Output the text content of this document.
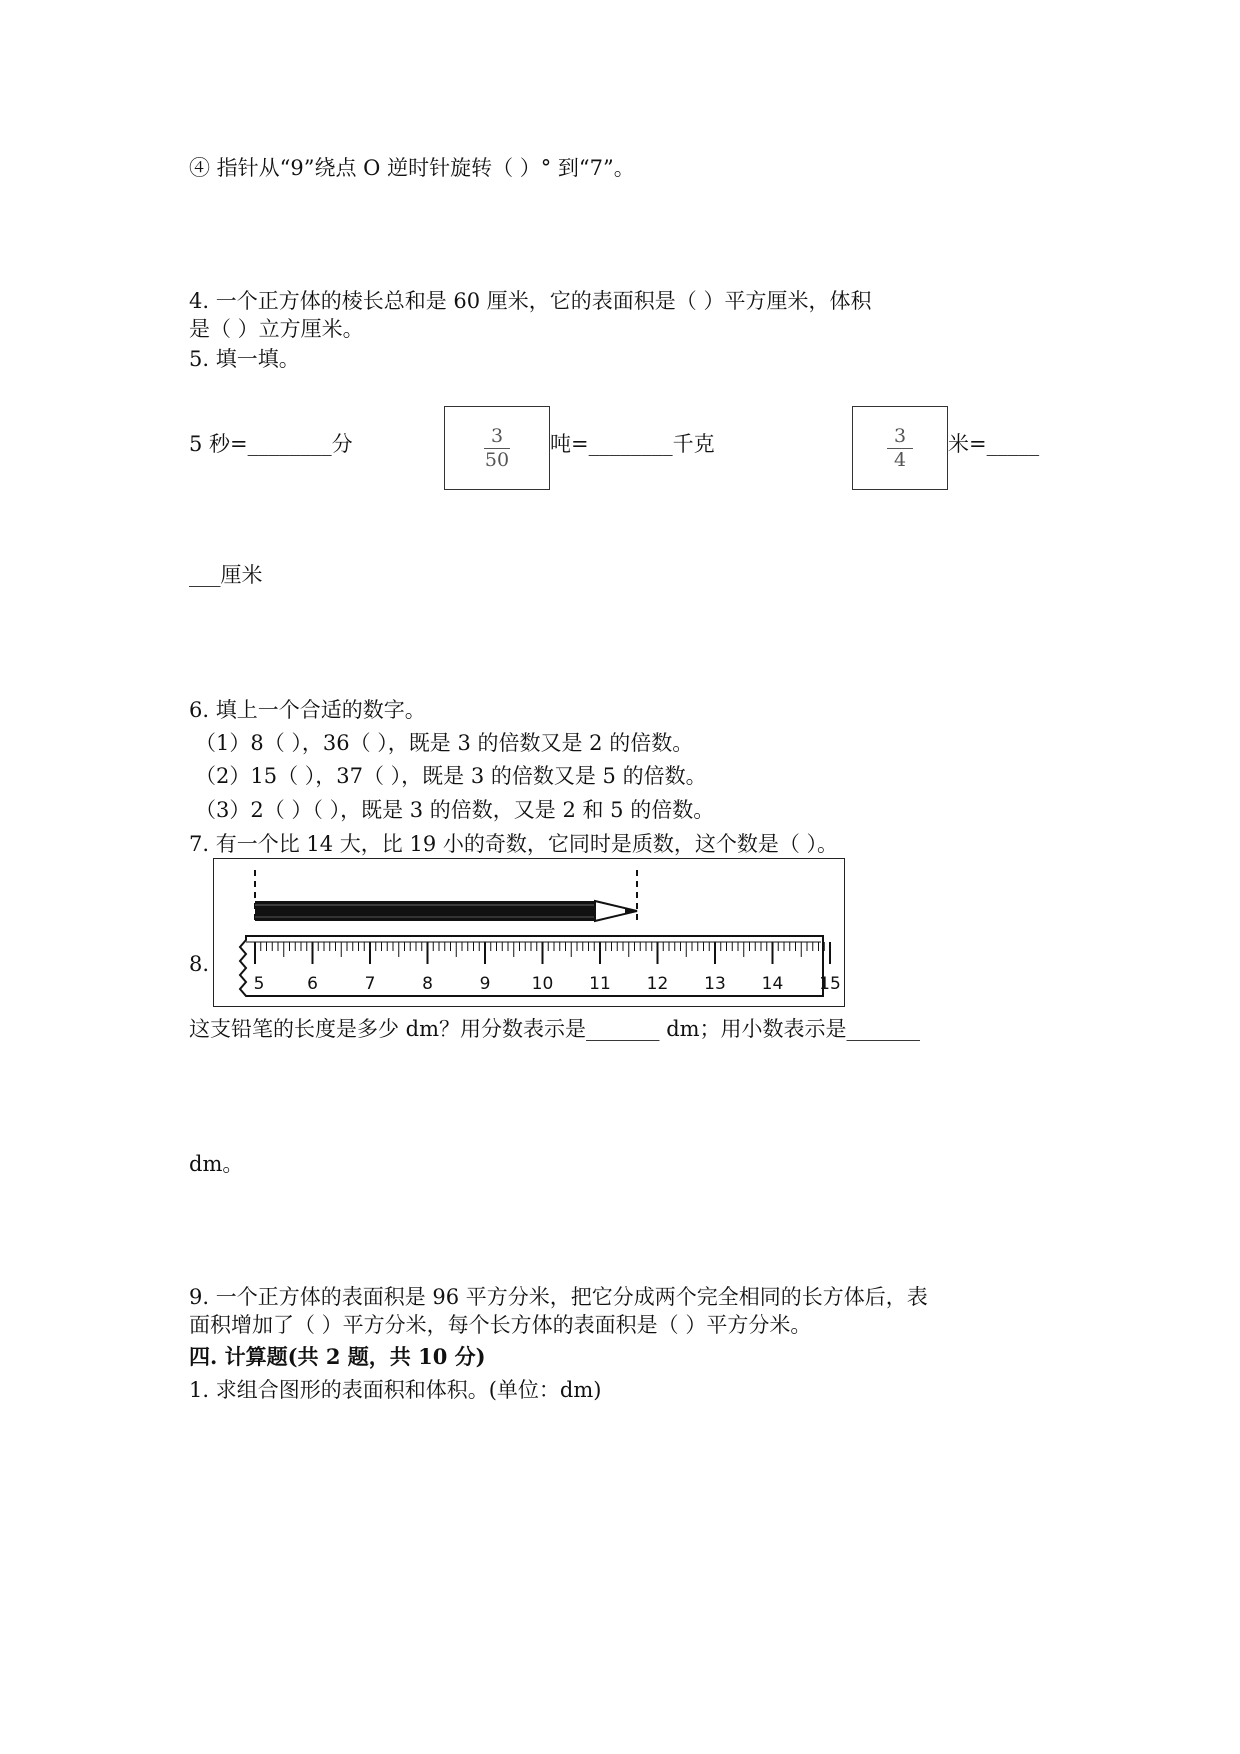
④ 指针从“9”绕点 O 逆时针旋转（ ）° 到“7”。
4. 一个正方体的棱长总和是 60 厘米，它的表面积是（ ）平方厘米，体积
是（ ）立方厘米。
5. 填一填。
5 秒=________分	$\frac{3}{50}$ 吨=________千克	$\frac{3}{4}$ 米=_____
___厘米
6. 填上一个合适的数字。
（1）8（ ），36（ ），既是 3 的倍数又是 2 的倍数。
（2）15（ ），37（ ），既是 3 的倍数又是 5 的倍数。
（3）2（ ）（ ），既是 3 的倍数，又是 2 和 5 的倍数。
7. 有一个比 14 大，比 19 小的奇数，它同时是质数，这个数是（ ）。
8.
5	6	7	8	9 10 11 12 13 14 15
这支铅笔的长度是多少 dm？用分数表示是_______ dm；用小数表示是_______
dm。
9. 一个正方体的表面积是 96 平方分米，把它分成两个完全相同的长方体后，表
面积增加了（ ）平方分米，每个长方体的表面积是（ ）平方分米。
四. 计算题(共 2 题，共 10 分)
1. 求组合图形的表面积和体积。(单位：dm)
